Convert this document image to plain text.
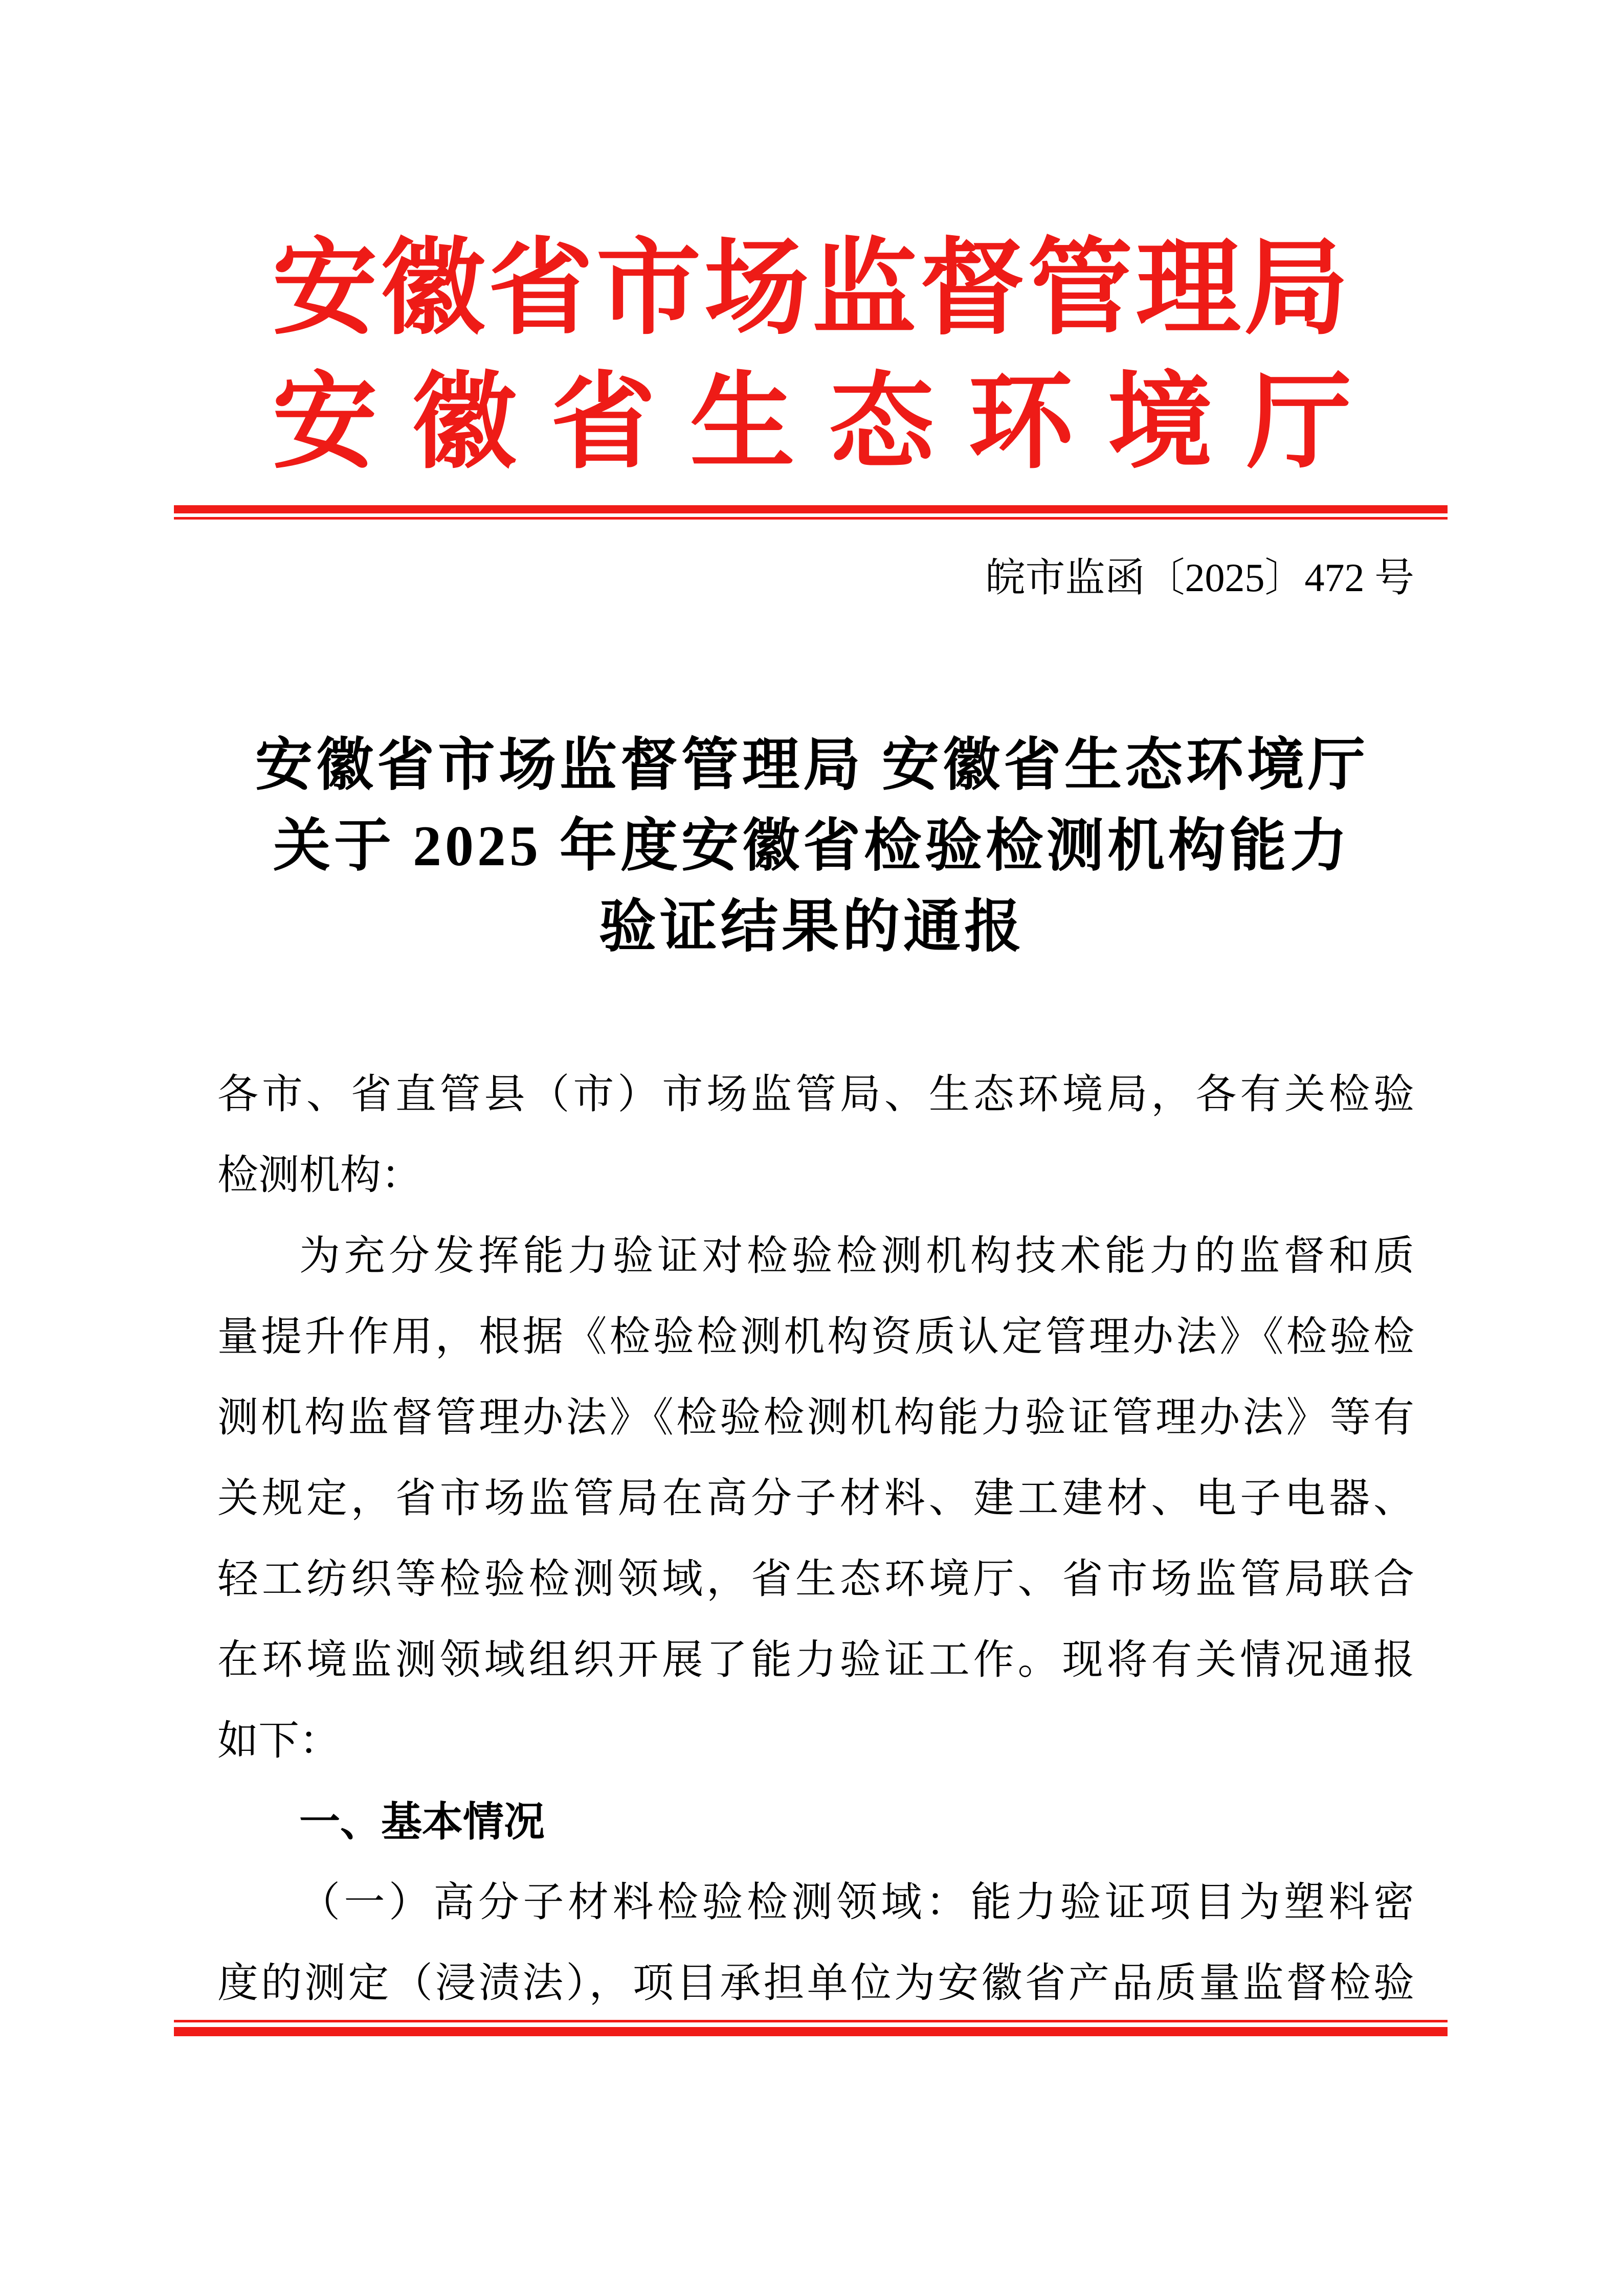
安徽省市场监督管理局
安徽省生态环境厅
皖市监函〔2025〕472 号
安徽省市场监督管理局 安徽省生态环境厅
关于 2025 年度安徽省检验检测机构能力
验证结果的通报

各市、省直管县（市）市场监管局、生态环境局，各有关检验

检测机构：

为充分发挥能力验证对检验检测机构技术能力的监督和质

量提升作用，根据《检验检测机构资质认定管理办法》《检验检

测机构监督管理办法》《检验检测机构能力验证管理办法》等有

关规定，省市场监管局在高分子材料、建工建材、电子电器、

轻工纺织等检验检测领域，省生态环境厅、省市场监管局联合

在环境监测领域组织开展了能力验证工作。现将有关情况通报

如下：

一、基本情况

（一）高分子材料检验检测领域：能力验证项目为塑料密

度的测定（浸渍法），项目承担单位为安徽省产品质量监督检验
